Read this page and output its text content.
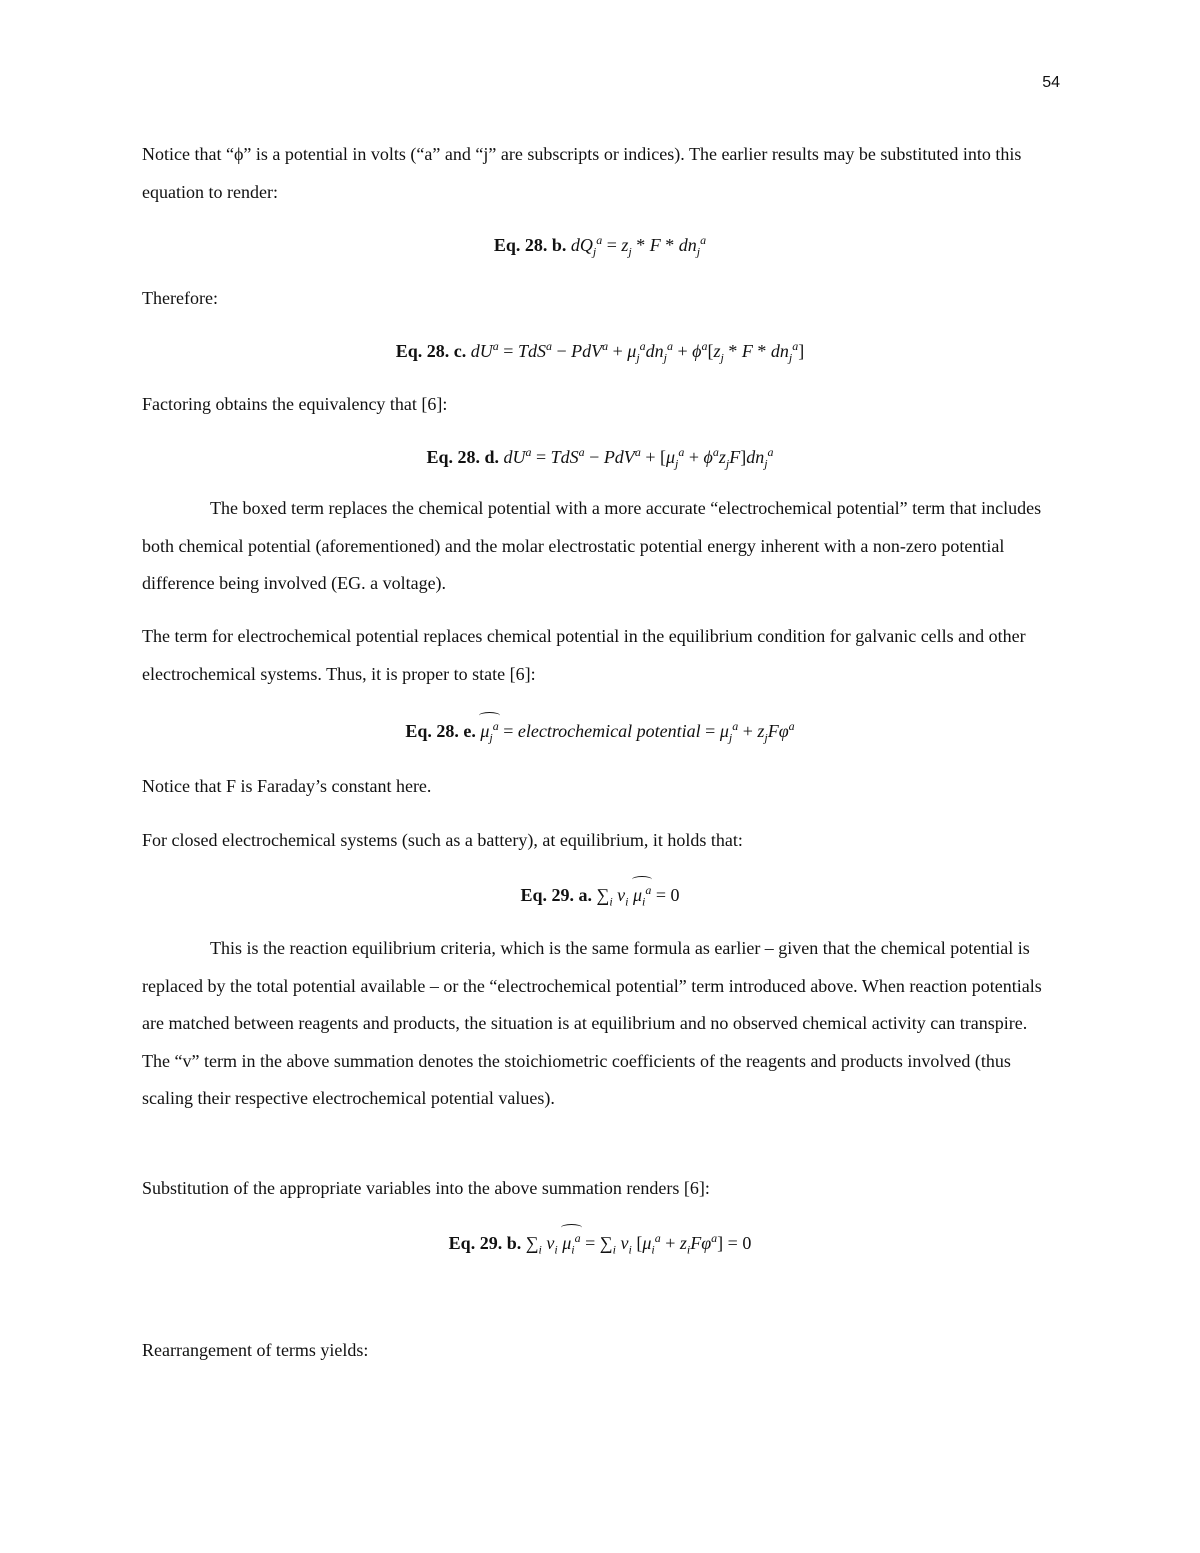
54

Notice that “ϕ” is a potential in volts (“a” and “j” are subscripts or indices). The earlier results may be substituted into this equation to render:

Eq. 28. b. $dQ_j^a = z_j * F * dn_j^a$

Therefore:

Eq. 28. c. $dU^a = TdS^a - PdV^a + \mu_j^adn_j^a + \phi^a[z_j * F * dn_j^a]$

Factoring obtains the equivalency that [6]:

Eq. 28. d. $dU^a = TdS^a - PdV^a + [\mu_j^a + \phi^az_jF]dn_j^a$

The boxed term replaces the chemical potential with a more accurate “electrochemical potential” term that includes both chemical potential (aforementioned) and the molar electrostatic potential energy inherent with a non-zero potential difference being involved (EG. a voltage).

The term for electrochemical potential replaces chemical potential in the equilibrium condition for galvanic cells and other electrochemical systems. Thus, it is proper to state [6]:

Eq. 28. e. $\mu_j^a$ = electrochemical potential = $\mu_j^a + z_jF\varphi^a$

Notice that F is Faraday’s constant here.

For closed electrochemical systems (such as a battery), at equilibrium, it holds that:

Eq. 29. a. $\sum_i$ $v_i$ $\mu_i^a = 0$

This is the reaction equilibrium criteria, which is the same formula as earlier – given that the chemical potential is replaced by the total potential available – or the “electrochemical potential” term introduced above. When reaction potentials are matched between reagents and products, the situation is at equilibrium and no observed chemical activity can transpire. The “v” term in the above summation denotes the stoichiometric coefficients of the reagents and products involved (thus scaling their respective electrochemical potential values).

Substitution of the appropriate variables into the above summation renders [6]:

Eq. 29. b. $\sum_i$ $v_i$ $\mu_i^a = \sum_i$ $v_i$ $[\mu_i^a + z_iF\varphi^a] = 0$

Rearrangement of terms yields:
